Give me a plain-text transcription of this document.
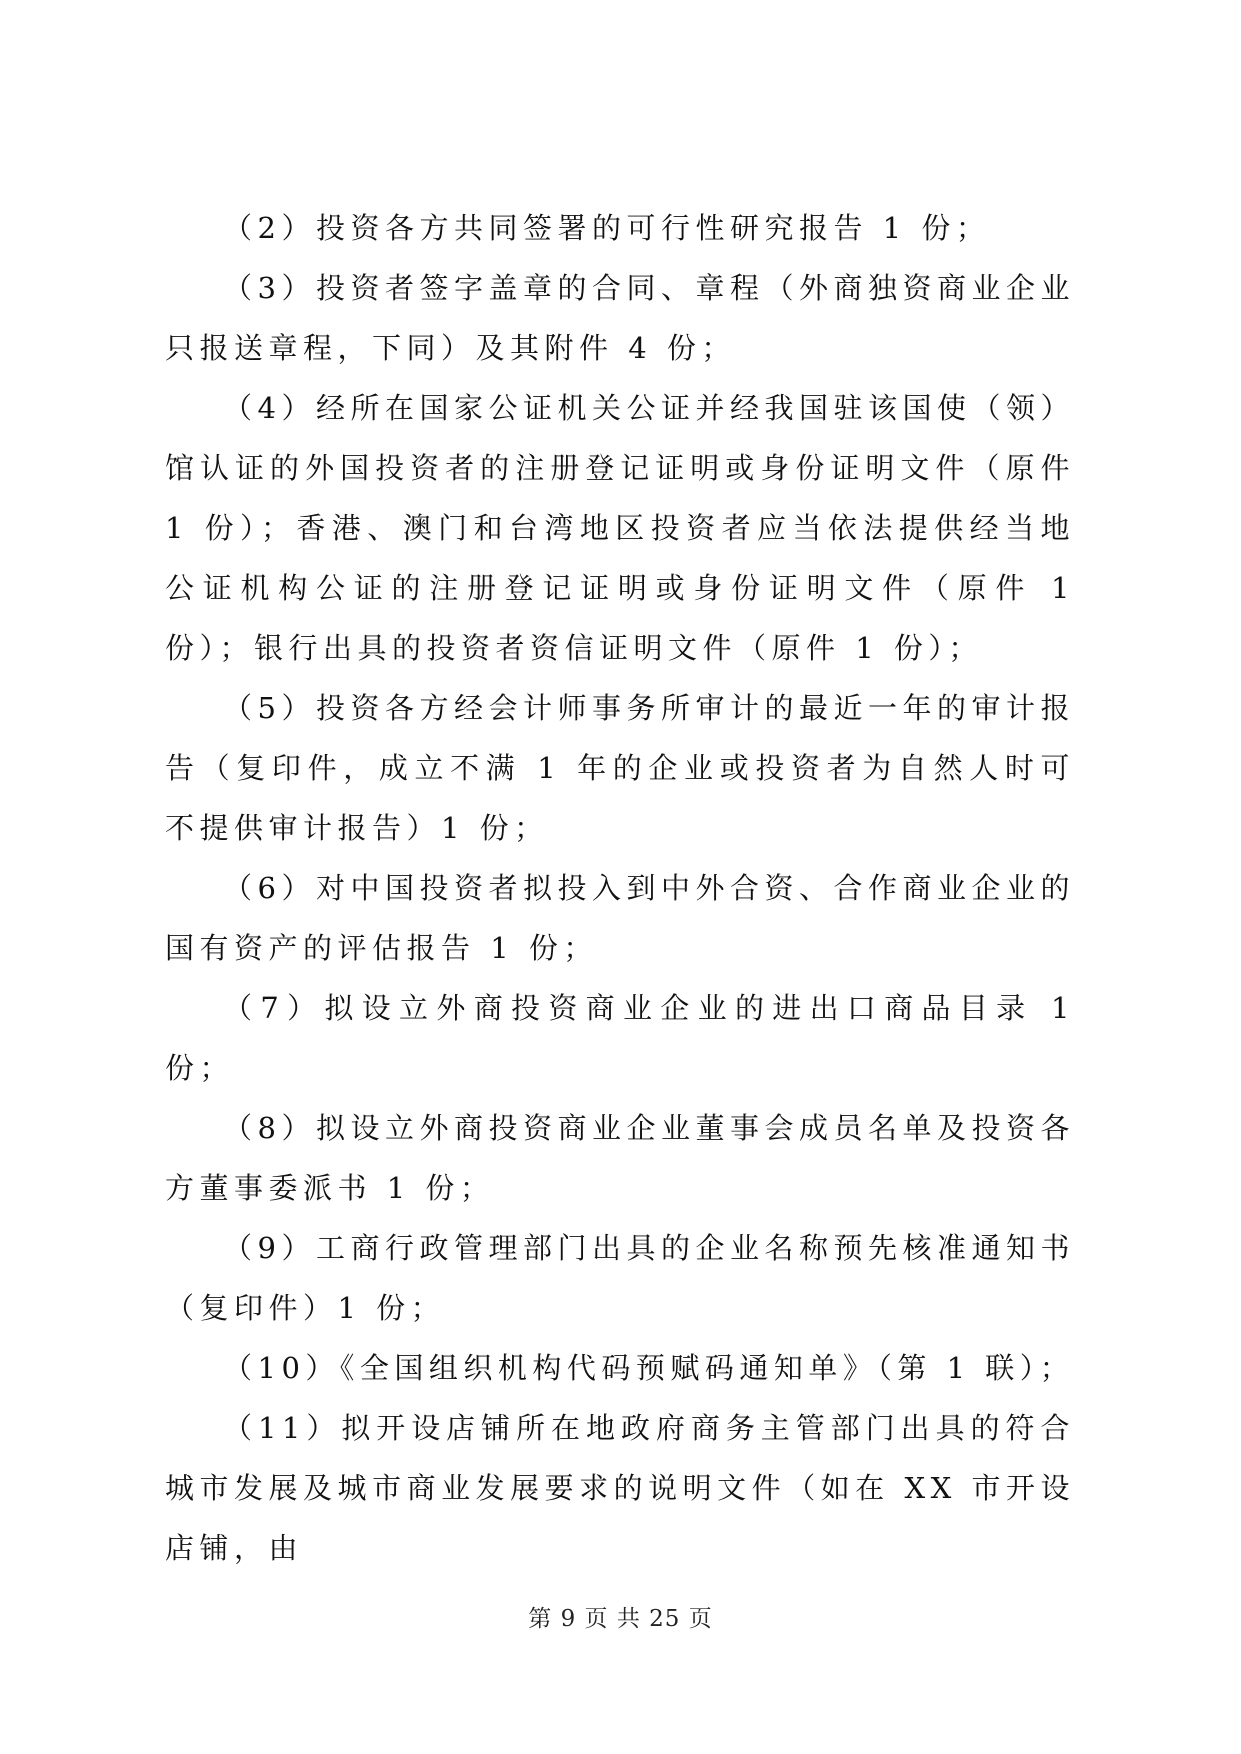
（2）投资各方共同签署的可行性研究报告 1 份；

（3）投资者签字盖章的合同、章程（外商独资商业企业只报送章程，下同）及其附件 4 份；

（4）经所在国家公证机关公证并经我国驻该国使（领）馆认证的外国投资者的注册登记证明或身份证明文件（原件 1 份）；香港、澳门和台湾地区投资者应当依法提供经当地公证机构公证的注册登记证明或身份证明文件（原件 1 份）；银行出具的投资者资信证明文件（原件 1 份）；

（5）投资各方经会计师事务所审计的最近一年的审计报告（复印件，成立不满 1 年的企业或投资者为自然人时可不提供审计报告）1 份；

（6）对中国投资者拟投入到中外合资、合作商业企业的国有资产的评估报告 1 份；

（7）拟设立外商投资商业企业的进出口商品目录 1 份；

（8）拟设立外商投资商业企业董事会成员名单及投资各方董事委派书 1 份；

（9）工商行政管理部门出具的企业名称预先核准通知书（复印件）1 份；

（10）《全国组织机构代码预赋码通知单》（第 1 联）；

（11）拟开设店铺所在地政府商务主管部门出具的符合城市发展及城市商业发展要求的说明文件（如在 XX 市开设店铺，由

第 9 页 共 25 页
